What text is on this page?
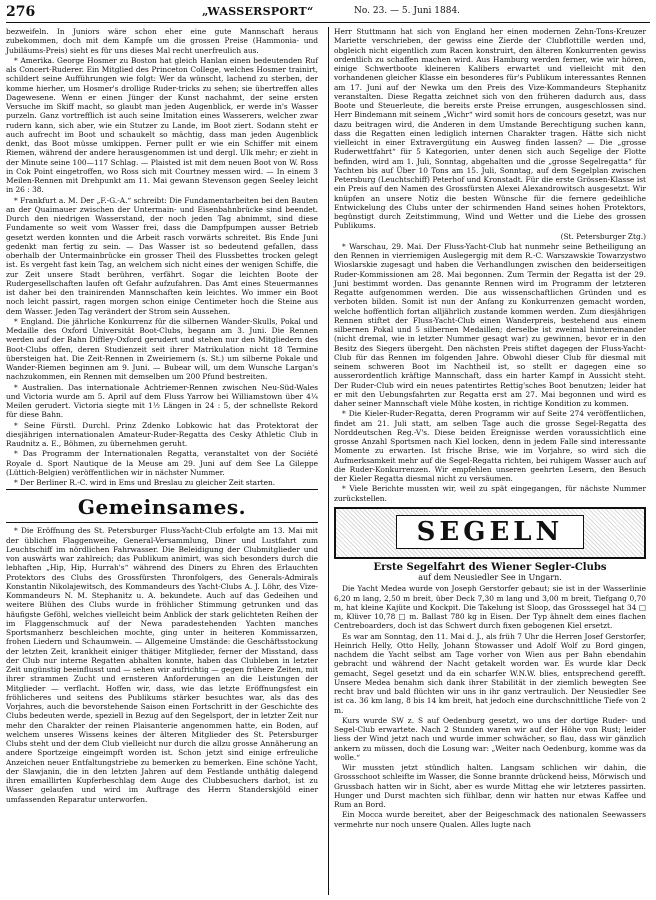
276	„WASSERSPORT“	No. 23. — 5. Juni 1884.

bezweifeln. In Juniors wäre schon eher eine gute Mannschaft heraus zubekommen, doch mit dem Kampfe um die grossen Preise (Hammonia- und Jubiläums-Preis) sieht es für uns dieses Mal recht unerfreulich aus.

* Amerika. George Hosmer zu Boston hat gleich Hanlan einen bedeutenden Ruf als Concert-Ruderer. Ein Mitglied des Princeton College, welches Hosmer trainirt, schildert seine Aufführungen wie folgt: Wer da wünscht, lachend zu sterben, der komme hierher, um Hosmer's drollige Ruder-tricks zu sehen; sie übertreffen alles Dagewesene. Wenn er einen Jünger der Kunst nachahmt, der seine ersten Versuche im Skiff macht, so glaubt man jeden Augenblick, er werde in's Wasser purzeln. Ganz vortrefflich ist auch seine Imitation eines Wasserers, welcher zwar rudern kann, sich aber, wie ein Stutzer zu Lande, im Boot ziert. Sodann steht er auch aufrecht im Boot und schaukelt so mächtig, dass man jeden Augenblick denkt, das Boot müsse umkippen. Ferner pullt er wie ein Schiffer mit einem Riemen, während der andere herausgenommen ist und dergl. Ulk mehr; er zieht in der Minute seine 100—117 Schlag. — Plaisted ist mit dem neuen Boot von W. Ross in Cok Point eingetroffen, wo Ross sich mit Courtney messen wird. — In einem 3 Meilen-Rennen mit Drehpunkt am 11. Mai gewann Stevenson gegen Seeley leicht in 26 : 38.

* Frankfurt a. M. Der „F.-G.-A.“ schreibt: Die Fundamentarbeiten bei den Bauten an der Quaimauer zwischen der Untermain- und Eisenbahnbrücke sind beendet. Durch den niedrigen Wasserstand, der noch jeden Tag abnimmt, sind diese Fundamente so weit vom Wasser frei, dass die Dampfpumpen ausser Betrieb gesetzt werden konnten und die Arbeit rasch vorwärts schreitet. Bis Ende Juni gedenkt man fertig zu sein. — Das Wasser ist so bedeutend gefallen, dass oberhalb der Untermainbrücke ein grosser Theil des Flussbettes trocken gelegt ist. Es vergeht fast kein Tag, an welchem sich nicht eines der wenigen Schiffe, die zur Zeit unsere Stadt berühren, verfährt. Sogar die leichten Boote der Rudergesellschaften laufen oft Gefahr aufzufahren. Das Amt eines Steuermannes ist daher bei den trainirenden Mannschaften kein leichtes. Wo immer ein Boot noch leicht passirt, ragen morgen schon einige Centimeter hoch die Steine aus dem Wasser. Jeden Tag verändert der Strom sein Aussehen.

* England. Die jährliche Konkurrenz für die silbernen Wander-Skulls, Pokal und Medaille des Oxford Universität Boot-Clubs, begann am 3. Juni. Die Rennen werden auf der Bahn Diffley-Oxford gerudert und stehen nur den Mitgliedern des Boot-Clubs offen, deren Studienzeit seit ihrer Matrikulation nicht 18 Termine übersteigen hat. Die Zeit-Rennen in Zweiriemern (s. St.) um silberne Pokale und Wander-Riemen beginnen am 9. Juni. — Bubear will, um dem Wunsche Largan's nachzukommen, ein Rennen mit demselben um 200 Pfund bestreiten.

* Australien. Das internationale Achtriemer-Rennen zwischen Neu-Süd-Wales und Victoria wurde am 5. April auf dem Fluss Yarrow bei Williamstown über 4¼ Meilen gerudert. Victoria siegte mit 1½ Längen in 24 : 5, der schnellste Rekord für diese Bahn.

* Seine Fürstl. Durchl. Prinz Zdenko Lobkowic hat das Protektorat der diesjährigen internationalen Amateur-Ruder-Regatta des Cesky Athletic Club in Raudnitz a. E., Böhmen, zu übernehmen geruht.

* Das Programm der Internationalen Regatta, veranstaltet von der Société Royale d. Sport Nautique de la Meuse am 29. Juni auf dem See La Gileppe (Lüttich-Belgien) veröffentlichen wir in nächster Nummer.

* Der Berliner R.-C. wird in Ems und Breslau zu gleicher Zeit starten.

Gemeinsames.

* Die Eröffnung des St. Petersburger Fluss-Yacht-Club erfolgte am 13. Mai mit der üblichen Flaggenweihe, General-Versammlung, Diner und Lustfahrt zum Leuchtschiff im nördlichen Fahrwasser. Die Beleidigung der Clubmitglieder und von auswärts war zahlreich; das Publikum animirt, was sich besonders durch die lebhaften „Hip, Hip, Hurrah's“ während des Diners zu Ehren des Erlauchten Protektors des Clubs des Grossfürsten Thronfolgers, des Generals-Admirals Konstantin Nikolajewitsch, des Kommandeurs des Yacht-Clubs A. J. Löhr, des Vize-Kommandeurs N. M. Stephanitz u. A. bekundete. Auch auf das Gedeihen und weitere Blühen des Clubs wurde in fröhlicher Stimmung getrunken und das häufigste Geföhl, welches vielleicht beim Anblick der stark gelichteten Reihen der im Flaggenschmuck auf der Newa paradestehenden Yachten manches Sportsmanherz beschleichen mochte, ging unter in heiteren Kommissarzen, frohen Liedern und Schaumwein. — Allgemeine Umstände: die Geschäftsstockung der letzten Zeit, krankheit einiger thätiger Mitglieder, ferner der Misstand, dass der Club nur interne Regatten abhalten konnte, haben das Clubleben in letzter Zeit ungünstig beeinflusst und — sehen wir aufrichtig — gegen frühere Zeiten, mit ihrer strammen Zucht und ernsteren Anforderungen an die Leistungen der Mitglieder — verflacht. Hoffen wir, dass, wie das letzte Eröffnungsfest ein fröhlicheres und seitens des Publikums stärker besuchtes war, als das des Vorjahres, auch die bevorstehende Saison einen Fortschritt in der Geschichte des Clubs bedeuten werde, speziell in Bezug auf den Segelsport, der in letzter Zeit nur mehr den Charakter der reinen Plaisanterie angenommen hatte, ein Boden, auf welchem unseres Wissens keines der älteren Mitglieder des St. Petersburger Clubs steht und der dem Club vielleicht nur durch die allzu grosse Annäherung an andere Sportzeige eingeimpft worden ist. Schon jetzt sind einige erfreuliche Anzeichen neuer Entfaltungstriebe zu bemerken zu bemerken. Eine schöne Yacht, der Slawjanin, die in den letzten Jahren auf dem Festlande unthätig dalegend ihren emaillirten Kupferbeschlag dem Auge des Clubbesuchers darbot, ist zu Wasser gelaufen und wird im Auftrage des Herrn Standerskjöld einer umfassenden Reparatur unterworfen.

Herr Stuttmann hat sich von England her einen modernen Zehn-Tons-Kreuzer Mariette verschrieben, der gewiss eine Zierde der Clubflottille werden und, obgleich nicht eigentlich zum Racen konstruirt, den älteren Konkurrenten gewiss ordentlich zu schaffen machen wird. Aus Hamburg werden ferner, wie wir hören, einige Schwertboote kleineren Kalibers erwartet und vielleicht mit den vorhandenen gleicher Klasse ein besonderes für's Publikum interessantes Rennen am 17. Juni auf der Newka um den Preis des Vize-Kommandeurs Stephanitz veranstalten. Diese Regatta zeichnet sich von den früheren dadurch aus, dass Boote und Steuerleute, die bereits erste Preise errungen, ausgeschlossen sind. Herr Bindemann mit seinem „Wichr“ wird somit hors de concours gesetzt, was nur dazu beitragen wird, die Anderen in dem Umstande Berechtigung suchen kann, dass die Regatten einen lediglich internen Charakter tragen. Hätte sich nicht vielleicht in einer Extravergütung ein Ausweg finden lassen? — Die „grosse Ruderwettfahrt“ für 5 Kategorien, unter denen sich auch Segelige der Flotte befinden, wird am 1. Juli, Sonntag, abgehalten und die „grosse Segelregatta“ für Yachten bis auf Über 10 Tons am 15. Juli, Sonntag, auf dem Segelplan zwischen Petersburg (Leuchtschiff) Peterhof und Kronstadt. Für die erste Grössen-Klasse ist ein Preis auf den Namen des Grossfürsten Alexei Alexandrowitsch ausgesetzt. Wir knüpfen an unsere Notiz die besten Wünsche für die fernere gedeihliche Entwickelung des Clubs unter der schirmenden Hand seines hohen Protektors, begünstigt durch Zeitstimmung, Wind und Wetter und die Liebe des grossen Publikums.

(St. Petersburger Ztg.)

* Warschau, 29. Mai. Der Fluss-Yacht-Club hat nunmehr seine Betheiligung an den Rennen in vierriemigen Auslegergig mit dem R.-C. Warszawskie Towarzystwo Wioslarskie zugesagt und haben die Verhandlungen zwischen den beiderseitigen Ruder-Kommissionen am 28. Mai begonnen. Zum Termin der Regatta ist der 29. Juni bestimmt worden. Das genannte Rennen wird im Programm der letzteren Regatte aufgenommen werden. Die aus wissenschaftlichen Gründen und es verboten bilden. Somit ist nun der Anfang zu Konkurrenzen gemacht worden, welche hoffentlich fortan alljährlich zustande kommen werden. Zum diesjährigen Rennen stiftet der Fluss-Yacht-Club einen Wanderpreis, bestehend aus einem silbernen Pokal und 5 silbernen Medaillen; derselbe ist zweimal hintereinander (nicht dremal, wie in letzter Nummer gesagt war) zu gewinnen, bevor er in den Besitz des Siegers übergeht. Den nächsten Preis stiftet dagegen der Fluss-Yacht-Club für das Rennen im folgenden Jahre. Obwohl dieser Club für diesmal mit seinem schweren Boot im Nachtheil ist, so stellt er dagegen eine so ausserordentlich kräftige Mannschaft, dass ein harter Kampf in Aussicht steht. Der Ruder-Club wird ein neues patentirtes Rettig'sches Boot benutzen; leider hat er mit den Uebungsfahrten zur Regatta erst am 27. Mai begonnen und wird es daher seiner Mannschaft viele Mühe kosten, in richtige Kondition zu kommen.

* Die Kieler-Ruder-Regatta, deren Programm wir auf Seite 274 veröffentlichen, findet am 21. Juli statt, am selben Tage auch die grosse Segel-Regatta des Norddeutschen Reg.-V's. Diese beiden Ereignisse werden voraussichtlich eine grosse Anzahl Sportsmen nach Kiel locken, denn in jedem Falle sind interessante Momente zu erwarten. Ist frische Brise, wie im Vorjahre, so wird sich die Aufmerksamkeit mehr auf die Segel-Regatta richten, bei ruhigem Wasser auch auf die Ruder-Konkurrenzen. Wir empfehlen unseren geehrten Lesern, den Besuch der Kieler Regatta diesmal nicht zu versäumen.

* Viele Berichte mussten wir, weil zu spät eingegangen, für nächste Nummer zurückstellen.

SEGELN
Erste Segelfahrt des Wiener Segler-Clubs
auf dem Neusiedler See in Ungarn.

Die Yacht Medea wurde von Joseph Gerstorfer gebaut; sie ist in der Wasserlinie 6,20 m lang, 2,50 m breit, über Deck 7,30 m lang und 3,00 m breit, Tiefgang 0,70 m, hat kleine Kajüte und Kockpit. Die Takelung ist Sloop, das Grosssegel hat 34 □ m, Klüver 10,78 □ m. Ballast 780 kg in Eisen. Der Typ ähnelt dem eines flachen Centreboarders, doch ist das Schwert durch fixen gebogenen Kiel ersetzt.

Es war am Sonntag, den 11. Mai d. J., als früh 7 Uhr die Herren Josef Gerstorfer, Heinrich Helly, Otto Helly, Johann Stowasser und Adolf Wolf zu Bord gingen, nachdem die Yacht selbst am Tage vorher von Wien aus per Bahn ebendahin gebracht und während der Nacht getakelt worden war. Es wurde klar Deck gemacht, Segel gesetzt und da ein scharfer W.N.W. blies, entsprechend gerefft. Unsere Medea benahm sich dank ihrer Stabilität in der ziemlich bewegten See recht brav und bald flüchten wir uns in ihr ganz vertraulich. Der Neusiedler See ist ca. 36 km lang, 8 bis 14 km breit, hat jedoch eine durchschnittliche Tiefe von 2 m.

Kurs wurde SW z. S auf Oedenburg gesetzt, wo uns der dortige Ruder- und Segel-Club erwartete. Nach 2 Stunden waren wir auf der Höhe von Rust; leider liess der Wind jetzt nach und wurde immer schwächer, so flau, dass wir gänzlich ankern zu müssen, doch die Losung war: „Weiter nach Oedenburg, komme was da wolle.“

Wir mussten jetzt stündlich halten. Langsam schlichen wir dahin, die Grossschoot schleifte im Wasser, die Sonne brannte drückend heiss, Mörwisch und Grussbach hatten wir in Sicht, aber es wurde Mittag ehe wir letzteres passirten. Hunger und Durst machten sich fühlbar, denn wir hatten nur etwas Kaffee und Rum an Bord.

Ein Mocca wurde bereitet, aber der Beigeschmack des nationalen Seewassers vermehrte nur noch unsere Qualen. Alles lugte nach
